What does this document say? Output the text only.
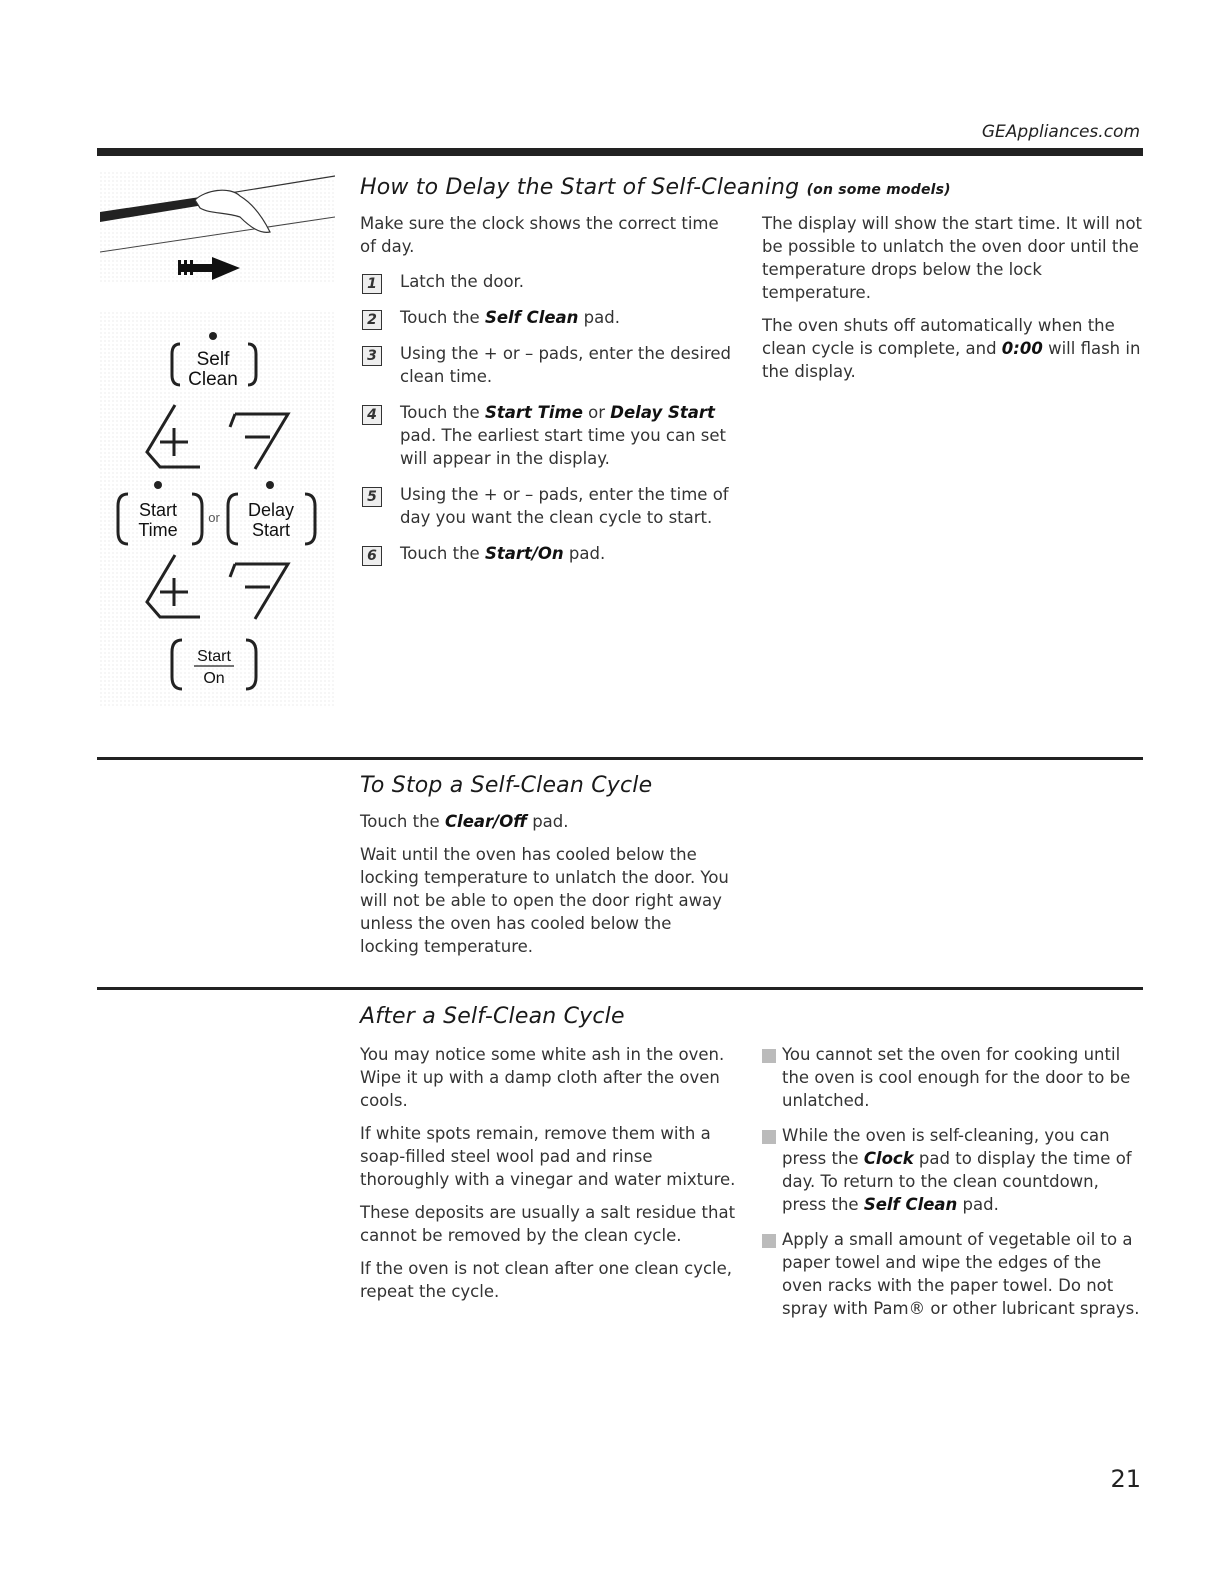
GEAppliances.com
Self
Clean
Start
Time
or Delay
Start
Start
On
How to Delay the Start of Self-Cleaning (on some models)

Make sure the clock shows the correct time of day.

1	Latch the door.
2	Touch the Self Clean pad.
3	Using the + or – pads, enter the desired clean time.
4	Touch the Start Time or Delay Start pad. The earliest start time you can set will appear in the display.
5	Using the + or – pads, enter the time of day you want the clean cycle to start.
6	Touch the Start/On pad.

The display will show the start time. It will not be possible to unlatch the oven door until the temperature drops below the lock temperature.

The oven shuts off automatically when the clean cycle is complete, and 0:00 will flash in the display.

To Stop a Self-Clean Cycle

Touch the Clear/Off pad.

Wait until the oven has cooled below the locking temperature to unlatch the door. You will not be able to open the door right away unless the oven has cooled below the locking temperature.

After a Self-Clean Cycle

You may notice some white ash in the oven. Wipe it up with a damp cloth after the oven cools.

If white spots remain, remove them with a soap-filled steel wool pad and rinse thoroughly with a vinegar and water mixture.

These deposits are usually a salt residue that cannot be removed by the clean cycle.

If the oven is not clean after one clean cycle, repeat the cycle.

You cannot set the oven for cooking until the oven is cool enough for the door to be unlatched.
While the oven is self-cleaning, you can press the Clock pad to display the time of day. To return to the clean countdown, press the Self Clean pad.
Apply a small amount of vegetable oil to a paper towel and wipe the edges of the oven racks with the paper towel. Do not spray with Pam® or other lubricant sprays.
21
